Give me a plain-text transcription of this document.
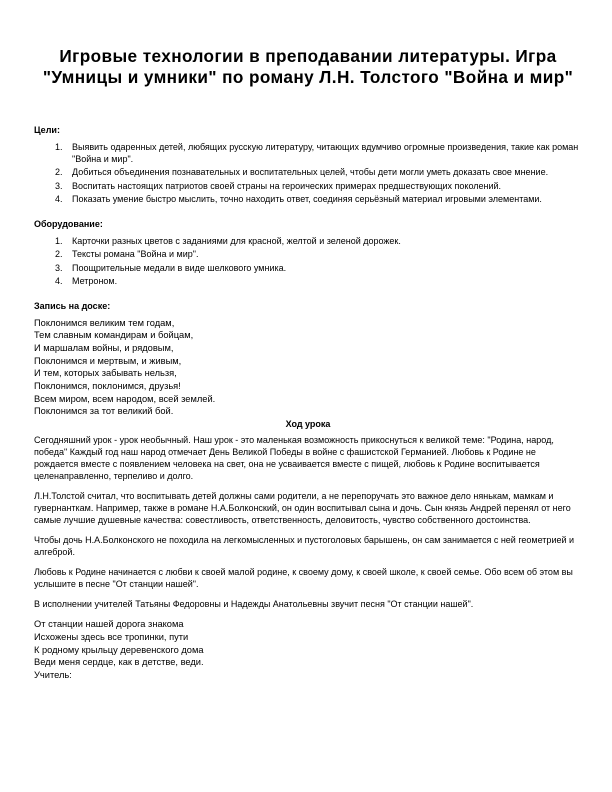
Игровые технологии в преподавании литературы. Игра "Умницы и умники" по роману Л.Н. Толстого "Война и мир"

Цели:

1. Выявить одаренных детей, любящих русскую литературу, читающих вдумчиво огромные произведения, такие как роман "Война и мир".
2. Добиться объединения познавательных и воспитательных целей, чтобы дети могли уметь доказать свое мнение.
3. Воспитать настоящих патриотов своей страны на героических примерах предшествующих поколений.
4. Показать умение быстро мыслить, точно находить ответ, соединяя серьёзный материал игровыми элементами.

Оборудование:

1. Карточки разных цветов с заданиями для красной, желтой и зеленой дорожек.
2. Тексты романа "Война и мир".
3. Поощрительные медали в виде шелкового умника.
4. Метроном.

Запись на доске:

Поклонимся великим тем годам,
Тем славным командирам и бойцам,
И маршалам войны, и рядовым,
Поклонимся и мертвым, и живым,
И тем, которых забывать нельзя,
Поклонимся, поклонимся, друзья!
Всем миром, всем народом, всей землей.
Поклонимся за тот великий бой.

Ход урока

Сегодняшний урок - урок необычный. Наш урок - это маленькая возможность прикоснуться к великой теме: "Родина, народ, победа" Каждый год наш народ отмечает День Великой Победы в войне с фашистской Германией. Любовь к Родине не рождается вместе с появлением человека на свет, она не усваивается вместе с пищей, любовь к Родине воспитывается целенаправленно, терпеливо и долго.

Л.Н.Толстой считал, что воспитывать детей должны сами родители, а не перепоручать это важное дело нянькам, мамкам и гувернанткам. Например, также в романе Н.А.Болконский, он один воспитывал сына и дочь. Сын князь Андрей перенял от него самые лучшие душевные качества: совестливость, ответственность, деловитость, чувство собственного достоинства.

Чтобы дочь Н.А.Болконского не походила на легкомысленных и пустоголовых барышень, он сам занимается с ней геометрией и алгеброй.

Любовь к Родине начинается с любви к своей малой родине, к своему дому, к своей школе, к своей семье. Обо всем об этом вы услышите в песне "От станции нашей".

В исполнении учителей Татьяны Федоровны и Надежды Анатольевны звучит песня "От станции нашей".

От станции нашей дорога знакома
Исхожены здесь все тропинки, пути
К родному крыльцу деревенского дома
Веди меня сердце, как в детстве, веди.
Учитель:
